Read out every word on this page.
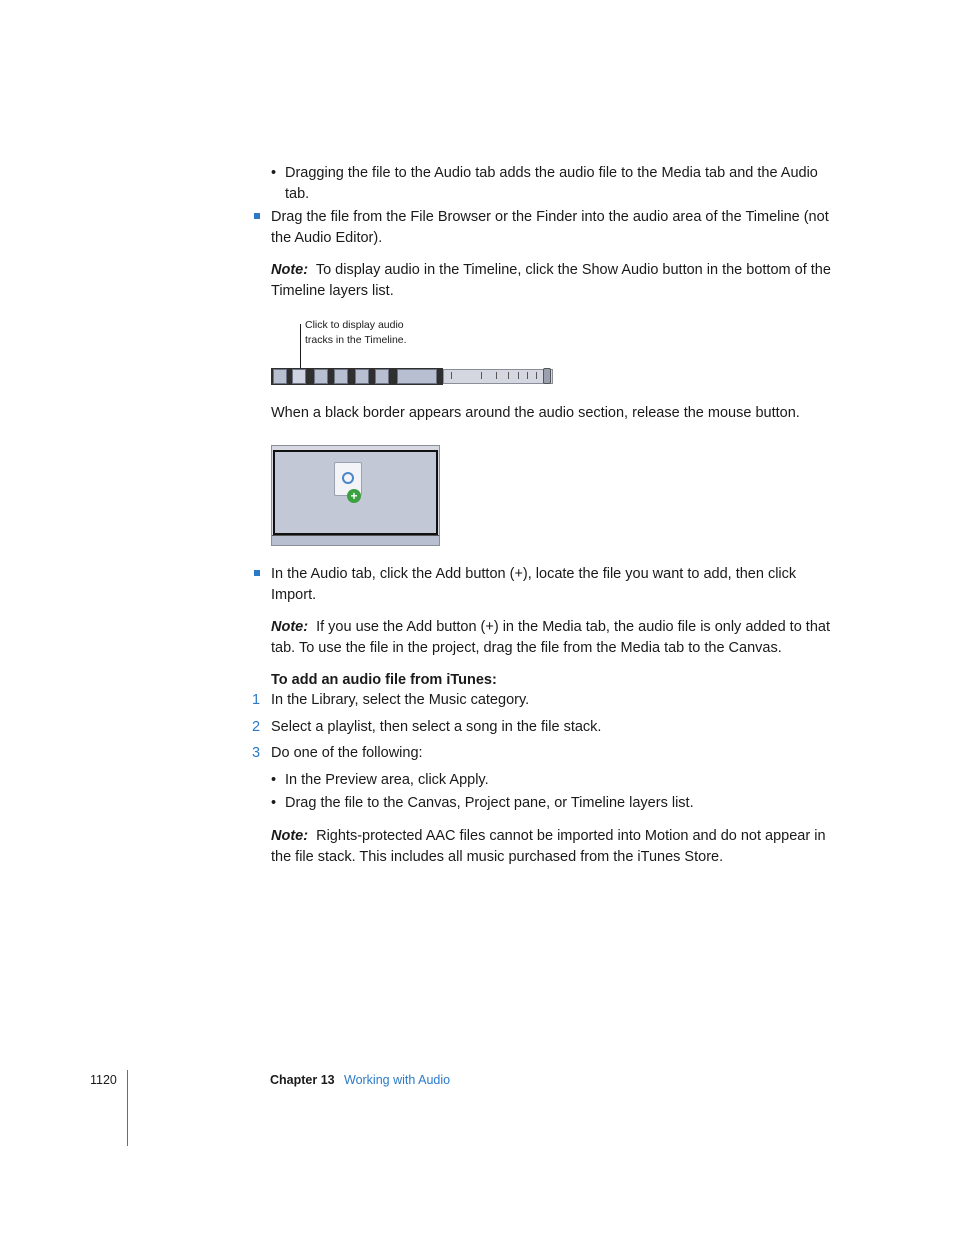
• Dragging the file to the Audio tab adds the audio file to the Media tab and the Audio tab.
Drag the file from the File Browser or the Finder into the audio area of the Timeline (not the Audio Editor).
Note: To display audio in the Timeline, click the Show Audio button in the bottom of the Timeline layers list.
Click to display audio tracks in the Timeline.
When a black border appears around the audio section, release the mouse button.
+
In the Audio tab, click the Add button (+), locate the file you want to add, then click Import.
Note: If you use the Add button (+) in the Media tab, the audio file is only added to that tab. To use the file in the project, drag the file from the Media tab to the Canvas.
To add an audio file from iTunes:
1 In the Library, select the Music category.
2 Select a playlist, then select a song in the file stack.
3 Do one of the following:
• In the Preview area, click Apply.
• Drag the file to the Canvas, Project pane, or Timeline layers list.
Note: Rights-protected AAC files cannot be imported into Motion and do not appear in the file stack. This includes all music purchased from the iTunes Store.
1120	Chapter 13 Working with Audio
